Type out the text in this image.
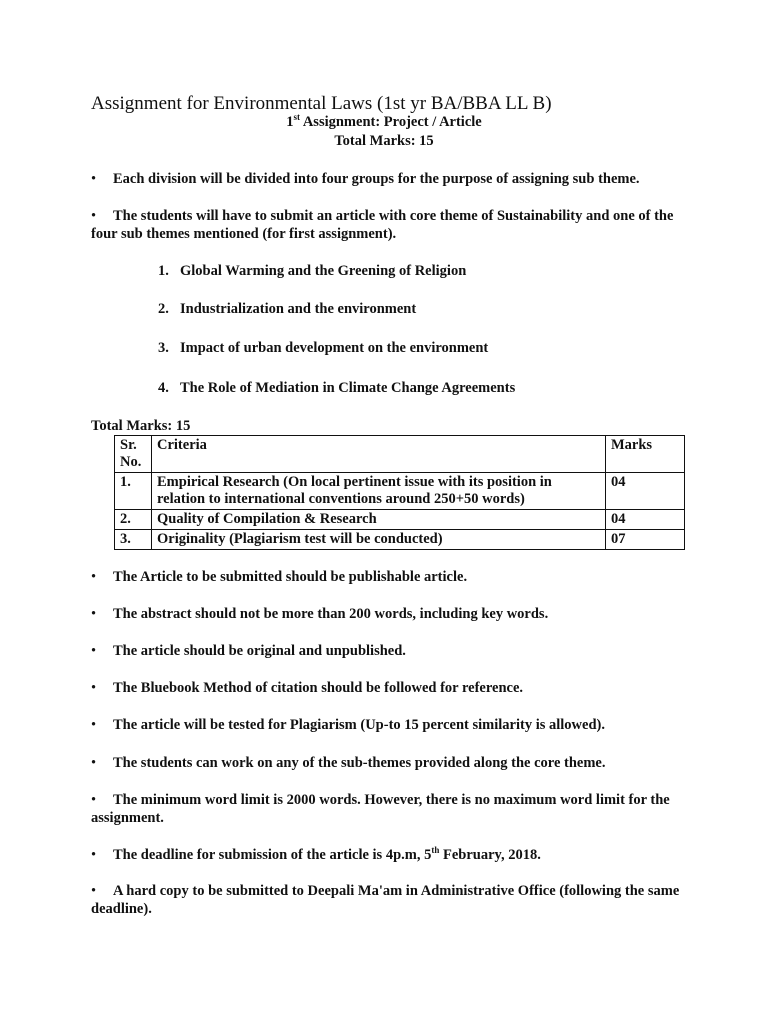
Assignment for Environmental Laws (1st yr BA/BBA LL B)
1st Assignment: Project / Article
Total Marks: 15
• Each division will be divided into four groups for the purpose of assigning sub theme.
• The students will have to submit an article with core theme of Sustainability and one of the four sub themes mentioned (for first assignment).
1. Global Warming and the Greening of Religion
2. Industrialization and the environment
3. Impact of urban development on the environment
4. The Role of Mediation in Climate Change Agreements
Total Marks: 15
Sr. No.	Criteria	Marks
1.	Empirical Research (On local pertinent issue with its position in relation to international conventions around 250+50 words)	04
2.	Quality of Compilation & Research	04
3.	Originality (Plagiarism test will be conducted)	07
• The Article to be submitted should be publishable article.
• The abstract should not be more than 200 words, including key words.
• The article should be original and unpublished.
• The Bluebook Method of citation should be followed for reference.
• The article will be tested for Plagiarism (Up-to 15 percent similarity is allowed).
• The students can work on any of the sub-themes provided along the core theme.
• The minimum word limit is 2000 words. However, there is no maximum word limit for the assignment.
• The deadline for submission of the article is 4p.m, 5th February, 2018.
• A hard copy to be submitted to Deepali Ma'am in Administrative Office (following the same deadline).
